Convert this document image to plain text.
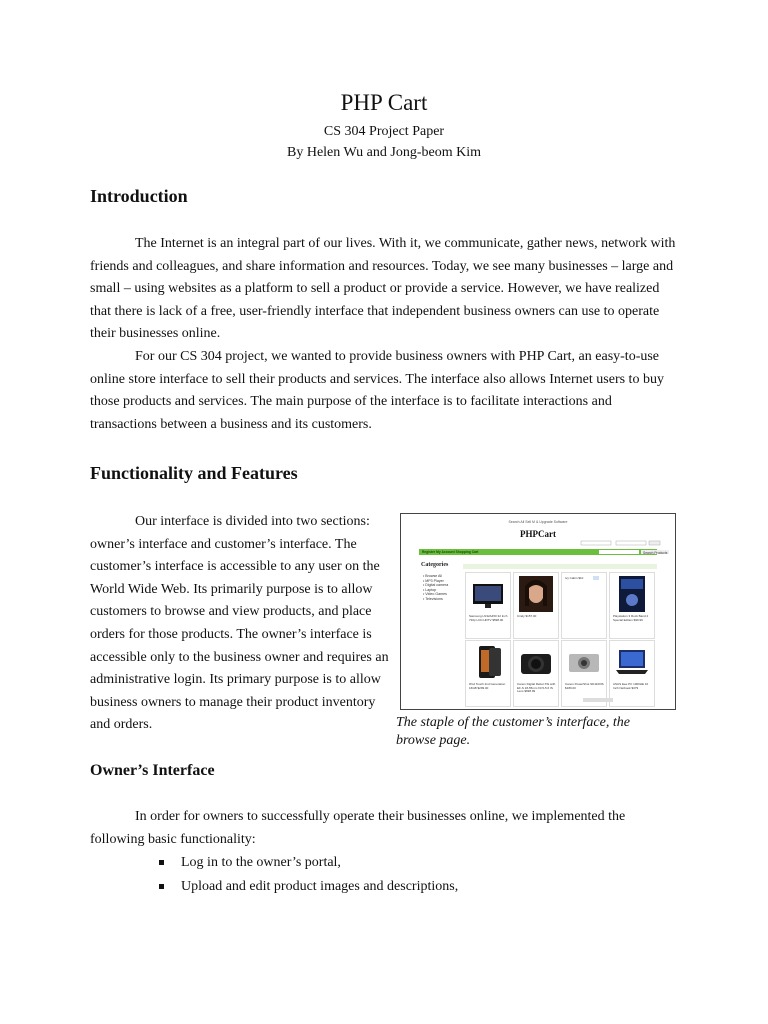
PHP Cart
CS 304 Project Paper
By Helen Wu and Jong-beom Kim
Introduction

The Internet is an integral part of our lives. With it, we communicate, gather news, network with friends and colleagues, and share information and resources. Today, we see many businesses – large and small – using websites as a platform to sell a product or provide a service. However, we have realized that there is lack of a free, user-friendly interface that independent business owners can use to operate their businesses online.

For our CS 304 project, we wanted to provide business owners with PHP Cart, an easy-to-use online store interface to sell their products and services. The interface also allows Internet users to buy those products and services. The main purpose of the interface is to facilitate interactions and transactions between a business and its customers.

Functionality and Features

Our interface is divided into two sections: owner’s interface and customer’s interface. The customer’s interface is accessible to any user on the World Wide Web. Its primarily purpose is to allow customers to browse and view products, and place orders for those products. The owner’s interface is accessible only to the business owner and requires an administrative login. Its primary purpose is to allow business owners to manage their product inventory and orders.

Search All Sell M & Upgrade Software
PHPCart
Register My Account Shopping Cart	Search Products
Categories
• Browse All
• MP3 Player
• Digital camera
• Laptop
• Video Games
• Televisions
Samsung LN32A450 32 Inch 720p LCD HDTV $598.00
Cindy $157.00
Ivy Cabin $10
Playstation 3 Rock Band 2 Special Edition $99.99
iPod Touch 2nd Generation 16GB $299.00
Canon Digital Rebel XSi with EF-S 18-55mm f/3.5-5.6 IS Lens $698.99
Canon PowerShot SD1100IS $189.00
ASUS Eee PC 1000HE 10 Inch Netbook $379
The staple of the customer’s interface, the browse page.
Owner’s Interface

In order for owners to successfully operate their businesses online, we implemented the following basic functionality:

Log in to the owner’s portal,
Upload and edit product images and descriptions,
